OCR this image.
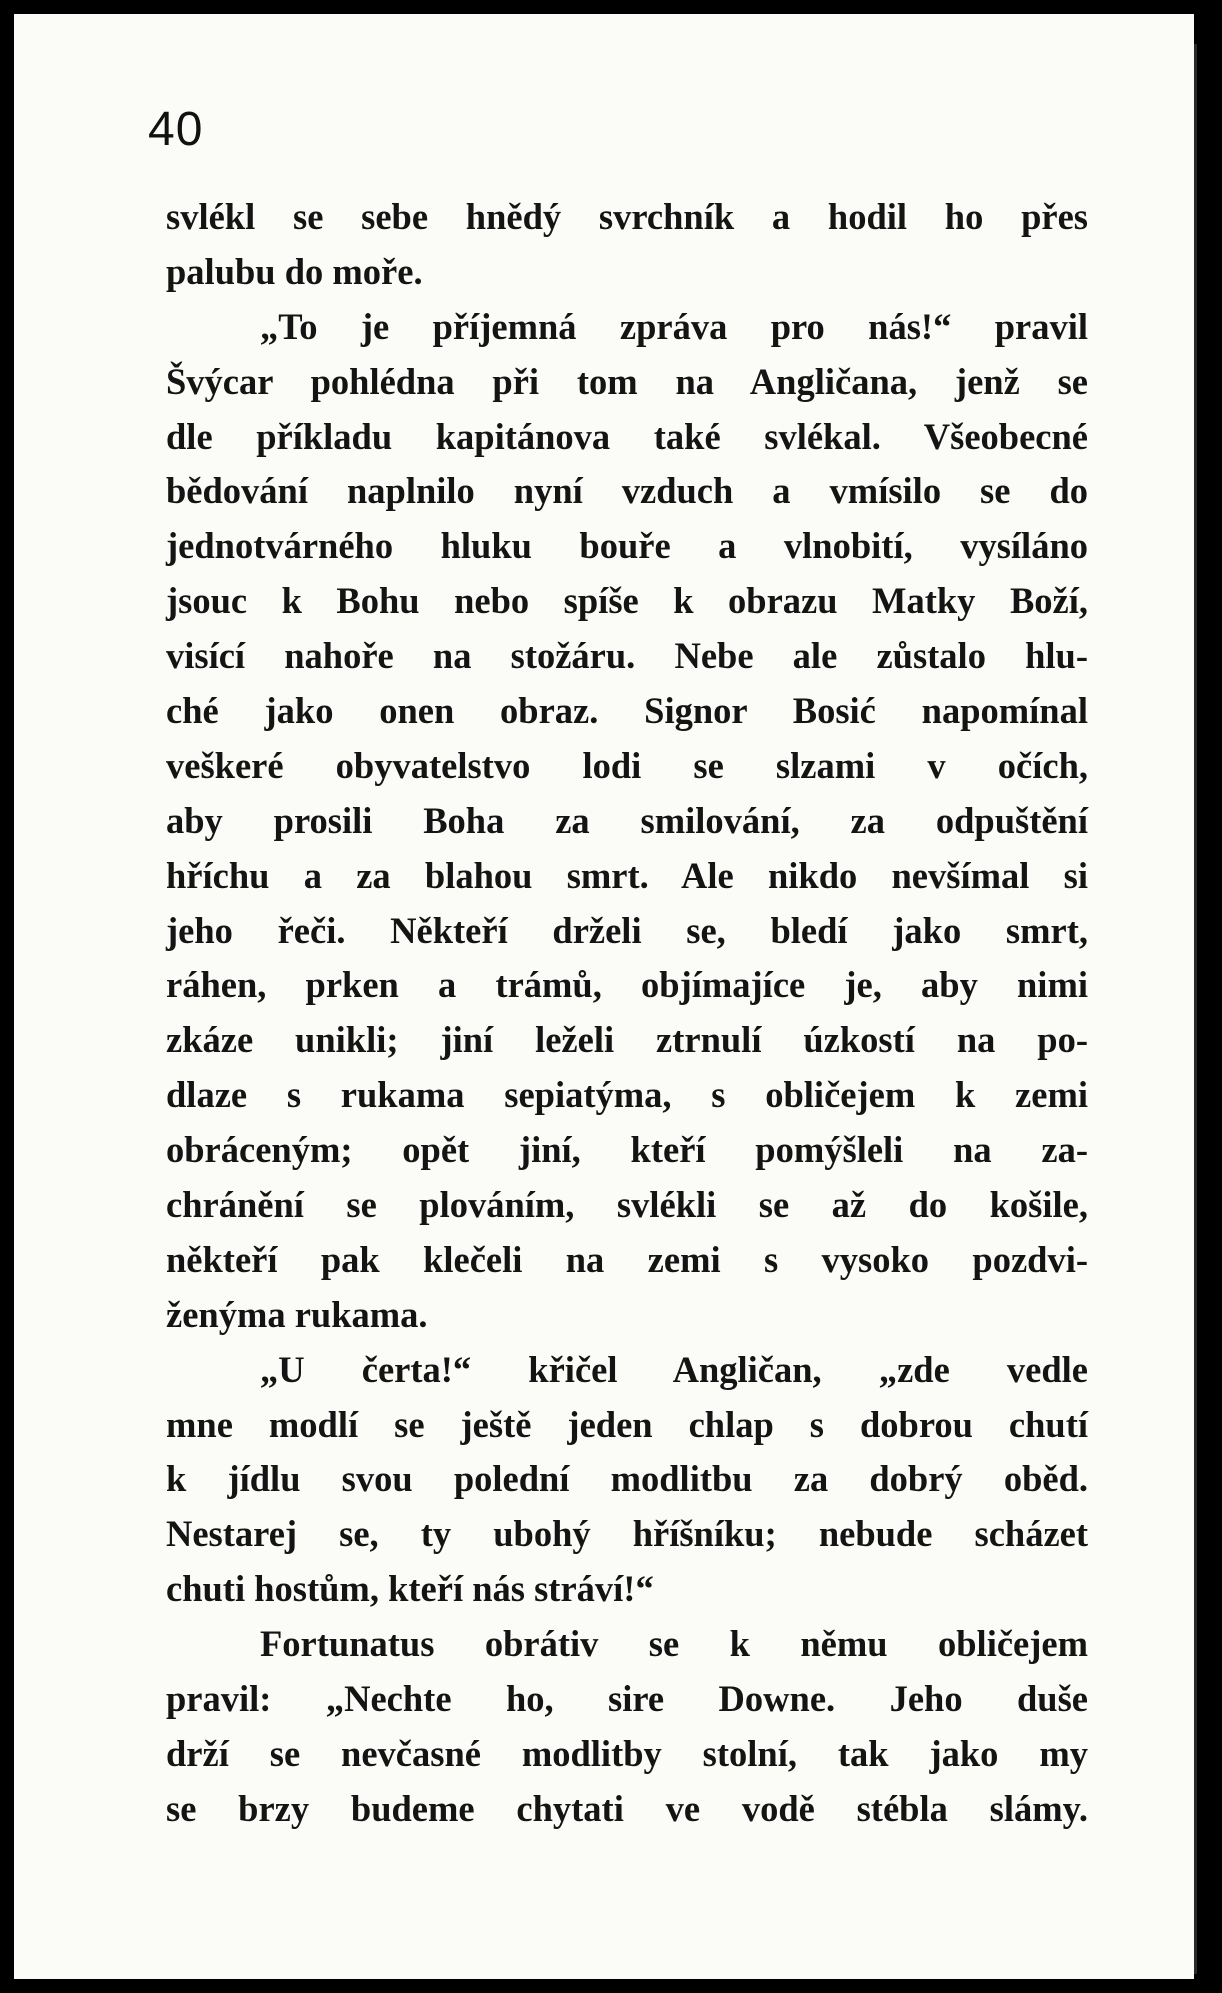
40
svlékl se sebe hnědý svrchník a hodil ho přes
palubu do moře.
„To je příjemná zpráva pro nás!“ pravil
Švýcar pohlédna při tom na Angličana, jenž se
dle příkladu kapitánova také svlékal. Všeobecné
bědování naplnilo nyní vzduch a vmísilo se do
jednotvárného hluku bouře a vlnobití, vysíláno
jsouc k Bohu nebo spíše k obrazu Matky Boží,
visící nahoře na stožáru. Nebe ale zůstalo hlu-
ché jako onen obraz. Signor Bosić napomínal
veškeré obyvatelstvo lodi se slzami v očích,
aby prosili Boha za smilování, za odpuštění
hříchu a za blahou smrt. Ale nikdo nevšímal si
jeho řeči. Někteří drželi se, bledí jako smrt,
ráhen, prken a trámů, objímajíce je, aby nimi
zkáze unikli; jiní leželi ztrnulí úzkostí na po-
dlaze s rukama sepiatýma, s obličejem k zemi
obráceným; opět jiní, kteří pomýšleli na za-
chránění se plováním, svlékli se až do košile,
někteří pak klečeli na zemi s vysoko pozdvi-
ženýma rukama.
„U čerta!“ křičel Angličan, „zde vedle
mne modlí se ještě jeden chlap s dobrou chutí
k jídlu svou polední modlitbu za dobrý oběd.
Nestarej se, ty ubohý hříšníku; nebude scházet
chuti hostům, kteří nás stráví!“
Fortunatus obrátiv se k němu obličejem
pravil: „Nechte ho, sire Downe. Jeho duše
drží se nevčasné modlitby stolní, tak jako my
se brzy budeme chytati ve vodě stébla slámy.
